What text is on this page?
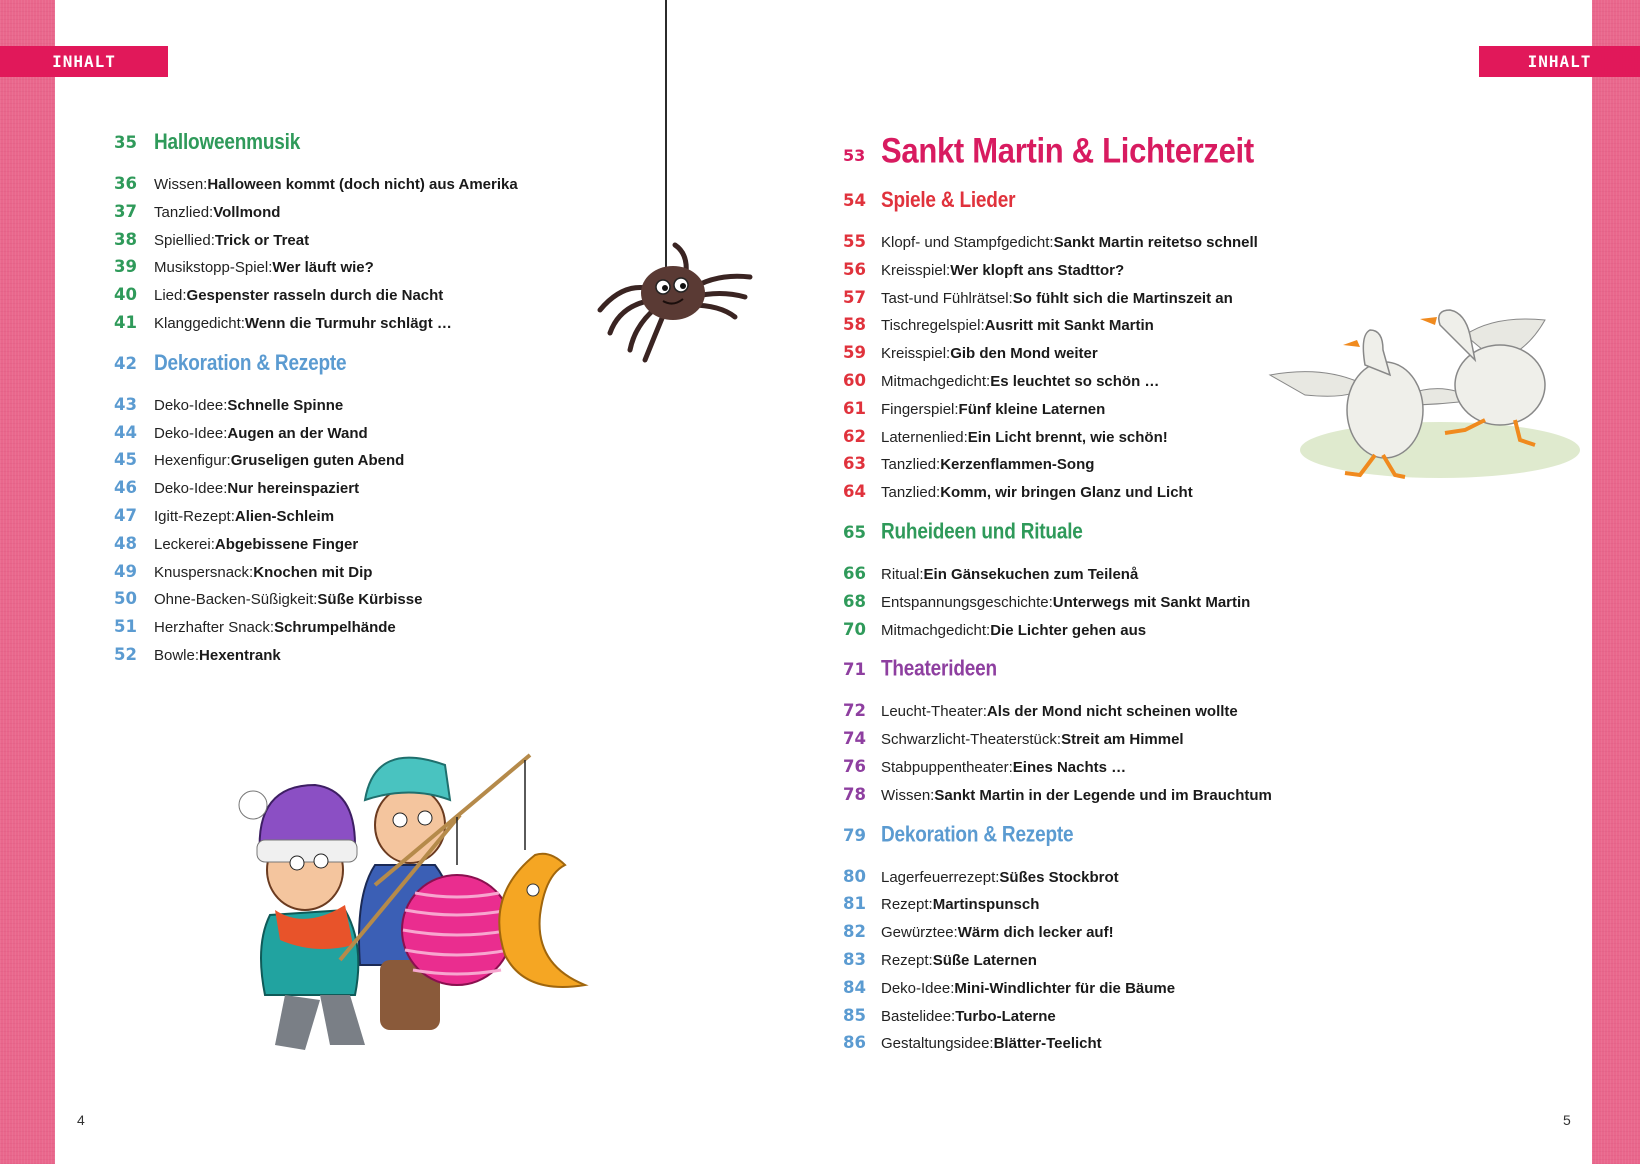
INHALT	INHALT
35 Halloweenmusik
36	Wissen: Halloween kommt (doch nicht) aus Amerika
37	Tanzlied: Vollmond
38	Spiellied: Trick or Treat
39	Musikstopp-Spiel: Wer läuft wie?
40	Lied: Gespenster rasseln durch die Nacht
41	Klanggedicht: Wenn die Turmuhr schlägt …
42 Dekoration & Rezepte
43	Deko-Idee: Schnelle Spinne
44	Deko-Idee: Augen an der Wand
45	Hexenfigur: Gruseligen guten Abend
46	Deko-Idee: Nur hereinspaziert
47	Igitt-Rezept: Alien-Schleim
48	Leckerei: Abgebissene Finger
49	Knuspersnack: Knochen mit Dip
50	Ohne-Backen-Süßigkeit: Süße Kürbisse
51	Herzhafter Snack: Schrumpelhände
52	Bowle: Hexentrank
53 Sankt Martin & Lichterzeit
54 Spiele & Lieder
55	Klopf- und Stampfgedicht: Sankt Martin reitet so schnell
56	Kreisspiel: Wer klopft ans Stadttor?
57	Tast-und Fühlrätsel: So fühlt sich die Martinszeit an
58	Tischregelspiel: Ausritt mit Sankt Martin
59	Kreisspiel: Gib den Mond weiter
60	Mitmachgedicht: Es leuchtet so schön …
61	Fingerspiel: Fünf kleine Laternen
62	Laternenlied: Ein Licht brennt, wie schön!
63	Tanzlied: Kerzenflammen-Song
64	Tanzlied: Komm, wir bringen Glanz und Licht
65 Ruheideen und Rituale
66	Ritual: Ein Gänsekuchen zum Teilenå
68	Entspannungsgeschichte: Unterwegs mit Sankt Martin
70	Mitmachgedicht: Die Lichter gehen aus
71 Theaterideen
72	Leucht-Theater: Als der Mond nicht scheinen wollte
74	Schwarzlicht-Theaterstück: Streit am Himmel
76	Stabpuppentheater: Eines Nachts …
78	Wissen: Sankt Martin in der Legende und im Brauchtum
79 Dekoration & Rezepte
80	Lagerfeuerrezept: Süßes Stockbrot
81	Rezept: Martinspunsch
82	Gewürztee: Wärm dich lecker auf!
83	Rezept: Süße Laternen
84	Deko-Idee: Mini-Windlichter für die Bäume
85	Bastelidee: Turbo-Laterne
86	Gestaltungsidee: Blätter-Teelicht
4	5
